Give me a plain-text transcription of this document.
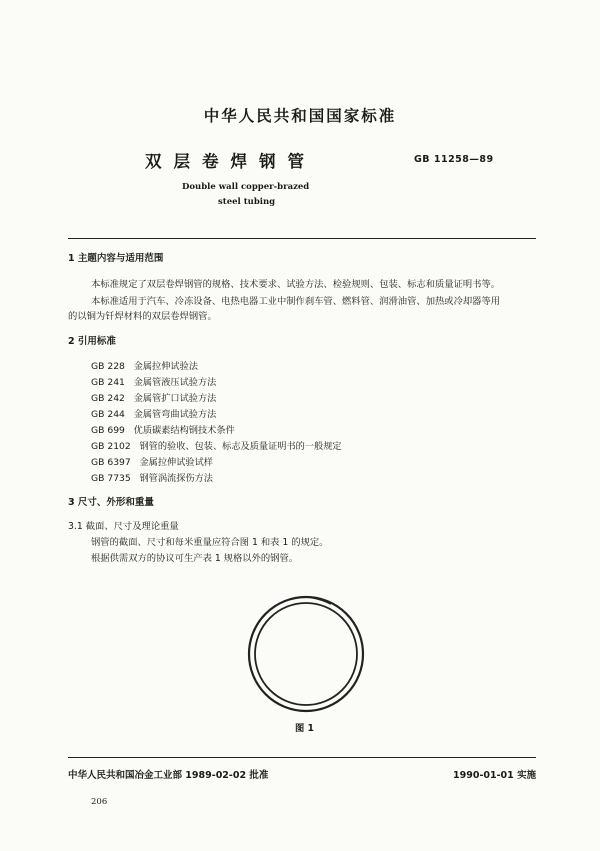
中华人民共和国国家标准
双层卷焊钢管	GB 11258—89
Double wall copper-brazed
steel tubing
1 主题内容与适用范围
本标准规定了双层卷焊钢管的规格、技术要求、试验方法、检验规则、包装、标志和质量证明书等。
本标准适用于汽车、冷冻设备、电热电器工业中制作刹车管、燃料管、润滑油管、加热或冷却器等用
的以铜为钎焊材料的双层卷焊钢管。
2 引用标准
GB 228 金属拉伸试验法
GB 241 金属管液压试验方法
GB 242 金属管扩口试验方法
GB 244 金属管弯曲试验方法
GB 699 优质碳素结构钢技术条件
GB 2102 钢管的验收、包装、标志及质量证明书的一般规定
GB 6397 金属拉伸试验试样
GB 7735 钢管涡流探伤方法
3 尺寸、外形和重量
3.1 截面、尺寸及理论重量
钢管的截面、尺寸和每米重量应符合图 1 和表 1 的规定。
根据供需双方的协议可生产表 1 规格以外的钢管。
图 1
中华人民共和国冶金工业部 1989-02-02 批准	1990-01-01 实施
206
